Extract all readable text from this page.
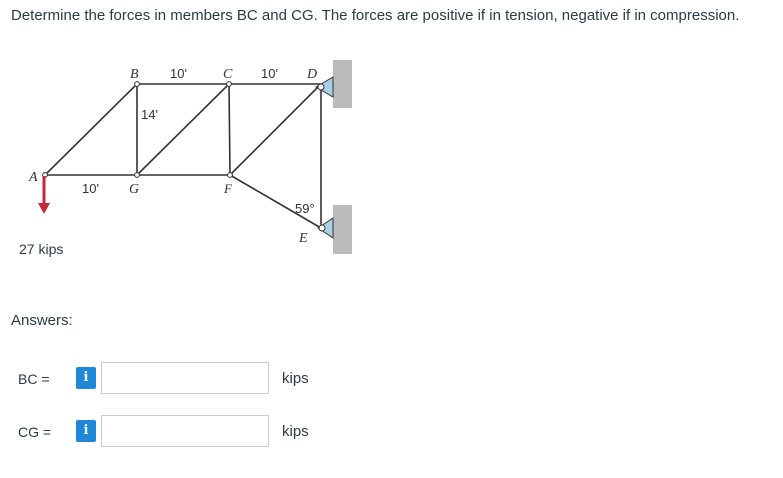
Determine the forces in members BC and CG. The forces are positive if in tension, negative if in compression.
A
B	C	D
G	F
E
10'	10'
14'
10'
59°
27 kips
Answers:
BC =	i	kips
CG =	i	kips
